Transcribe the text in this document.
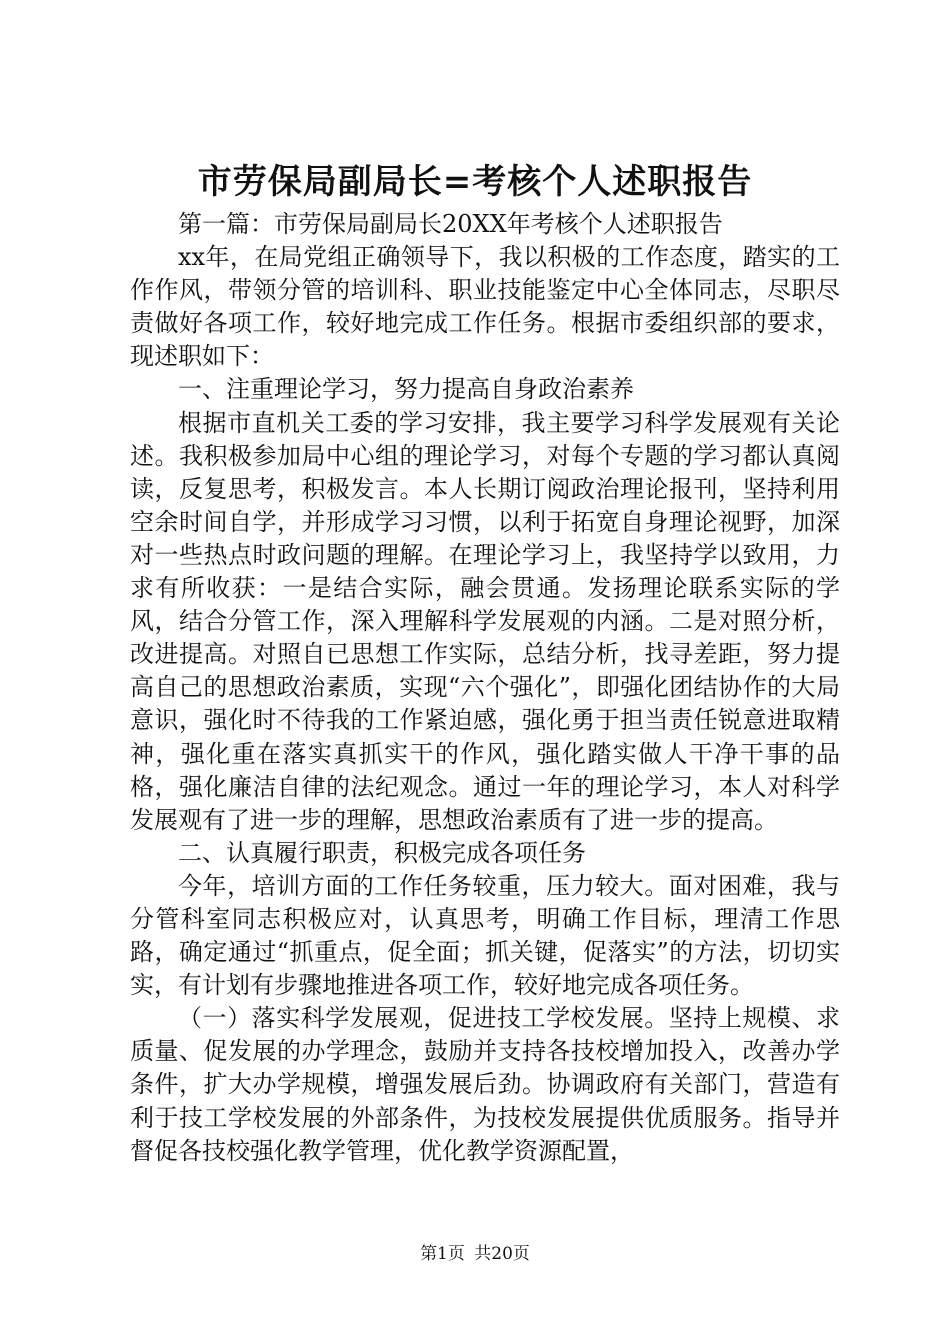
市劳保局副局长=考核个人述职报告

第一篇：市劳保局副局长20XX年考核个人述职报告

xx年，在局党组正确领导下，我以积极的工作态度，踏实的工作作风，带领分管的培训科、职业技能鉴定中心全体同志，尽职尽责做好各项工作，较好地完成工作任务。根据市委组织部的要求，现述职如下：

一、注重理论学习，努力提高自身政治素养

根据市直机关工委的学习安排，我主要学习科学发展观有关论述。我积极参加局中心组的理论学习，对每个专题的学习都认真阅读，反复思考，积极发言。本人长期订阅政治理论报刊，坚持利用空余时间自学，并形成学习习惯，以利于拓宽自身理论视野，加深对一些热点时政问题的理解。在理论学习上，我坚持学以致用，力求有所收获：一是结合实际，融会贯通。发扬理论联系实际的学风，结合分管工作，深入理解科学发展观的内涵。二是对照分析，改进提高。对照自已思想工作实际，总结分析，找寻差距，努力提高自己的思想政治素质，实现“六个强化”，即强化团结协作的大局意识，强化时不待我的工作紧迫感，强化勇于担当责任锐意进取精神，强化重在落实真抓实干的作风，强化踏实做人干净干事的品格，强化廉洁自律的法纪观念。通过一年的理论学习，本人对科学发展观有了进一步的理解，思想政治素质有了进一步的提高。

二、认真履行职责，积极完成各项任务

今年，培训方面的工作任务较重，压力较大。面对困难，我与分管科室同志积极应对，认真思考，明确工作目标，理清工作思路，确定通过“抓重点，促全面；抓关键，促落实”的方法，切切实实，有计划有步骤地推进各项工作，较好地完成各项任务。

（一）落实科学发展观，促进技工学校发展。坚持上规模、求质量、促发展的办学理念，鼓励并支持各技校增加投入，改善办学条件，扩大办学规模，增强发展后劲。协调政府有关部门，营造有利于技工学校发展的外部条件，为技校发展提供优质服务。指导并督促各技校强化教学管理，优化教学资源配置，

第1页 共20页
